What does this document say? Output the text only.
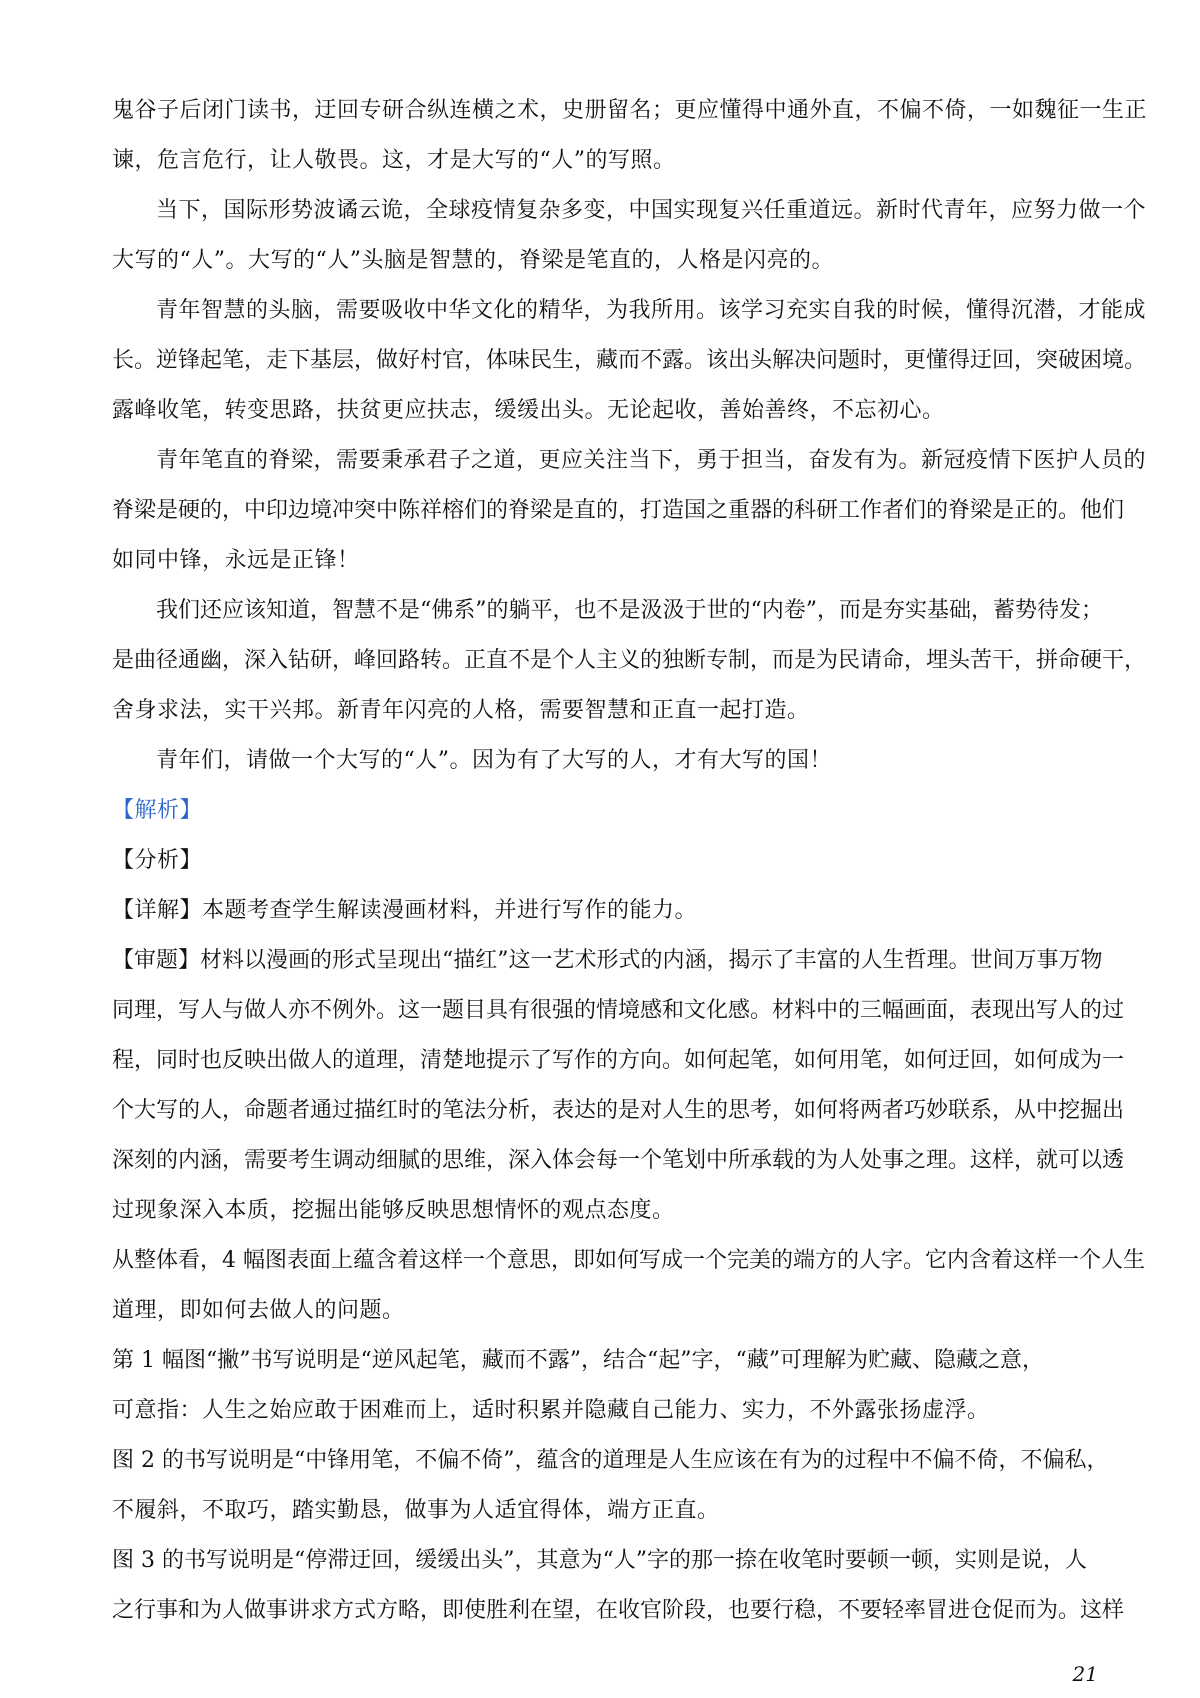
鬼谷子后闭门读书，迂回专研合纵连横之术，史册留名；更应懂得中通外直，不偏不倚，一如魏征一生正
谏，危言危行，让人敬畏。这，才是大写的“人”的写照。
当下，国际形势波谲云诡，全球疫情复杂多变，中国实现复兴任重道远。新时代青年，应努力做一个
大写的“人”。大写的“人”头脑是智慧的，脊梁是笔直的，人格是闪亮的。
青年智慧的头脑，需要吸收中华文化的精华，为我所用。该学习充实自我的时候，懂得沉潜，才能成
长。逆锋起笔，走下基层，做好村官，体味民生，藏而不露。该出头解决问题时，更懂得迂回，突破困境。
露峰收笔，转变思路，扶贫更应扶志，缓缓出头。无论起收，善始善终，不忘初心。
青年笔直的脊梁，需要秉承君子之道，更应关注当下，勇于担当，奋发有为。新冠疫情下医护人员的
脊梁是硬的，中印边境冲突中陈祥榕们的脊梁是直的，打造国之重器的科研工作者们的脊梁是正的。他们
如同中锋，永远是正锋！
我们还应该知道，智慧不是“佛系”的躺平，也不是汲汲于世的“内卷”，而是夯实基础，蓄势待发；
是曲径通幽，深入钻研，峰回路转。正直不是个人主义的独断专制，而是为民请命，埋头苦干，拼命硬干，
舍身求法，实干兴邦。新青年闪亮的人格，需要智慧和正直一起打造。
青年们，请做一个大写的“人”。因为有了大写的人，才有大写的国！
【解析】
【分析】
【详解】本题考查学生解读漫画材料，并进行写作的能力。
【审题】材料以漫画的形式呈现出“描红”这一艺术形式的内涵，揭示了丰富的人生哲理。世间万事万物
同理，写人与做人亦不例外。这一题目具有很强的情境感和文化感。材料中的三幅画面，表现出写人的过
程，同时也反映出做人的道理，清楚地提示了写作的方向。如何起笔，如何用笔，如何迂回，如何成为一
个大写的人，命题者通过描红时的笔法分析，表达的是对人生的思考，如何将两者巧妙联系，从中挖掘出
深刻的内涵，需要考生调动细腻的思维，深入体会每一个笔划中所承载的为人处事之理。这样，就可以透
过现象深入本质，挖掘出能够反映思想情怀的观点态度。
从整体看，4 幅图表面上蕴含着这样一个意思，即如何写成一个完美的端方的人字。它内含着这样一个人生
道理，即如何去做人的问题。
第 1 幅图“撇”书写说明是“逆风起笔，藏而不露”，结合“起”字，“藏”可理解为贮藏、隐藏之意，
可意指：人生之始应敢于困难而上，适时积累并隐藏自己能力、实力，不外露张扬虚浮。
图 2 的书写说明是“中锋用笔，不偏不倚”，蕴含的道理是人生应该在有为的过程中不偏不倚，不偏私，
不履斜，不取巧，踏实勤恳，做事为人适宜得体，端方正直。
图 3 的书写说明是“停滞迂回，缓缓出头”，其意为“人”字的那一捺在收笔时要顿一顿，实则是说，人
之行事和为人做事讲求方式方略，即使胜利在望，在收官阶段，也要行稳，不要轻率冒进仓促而为。这样
21
